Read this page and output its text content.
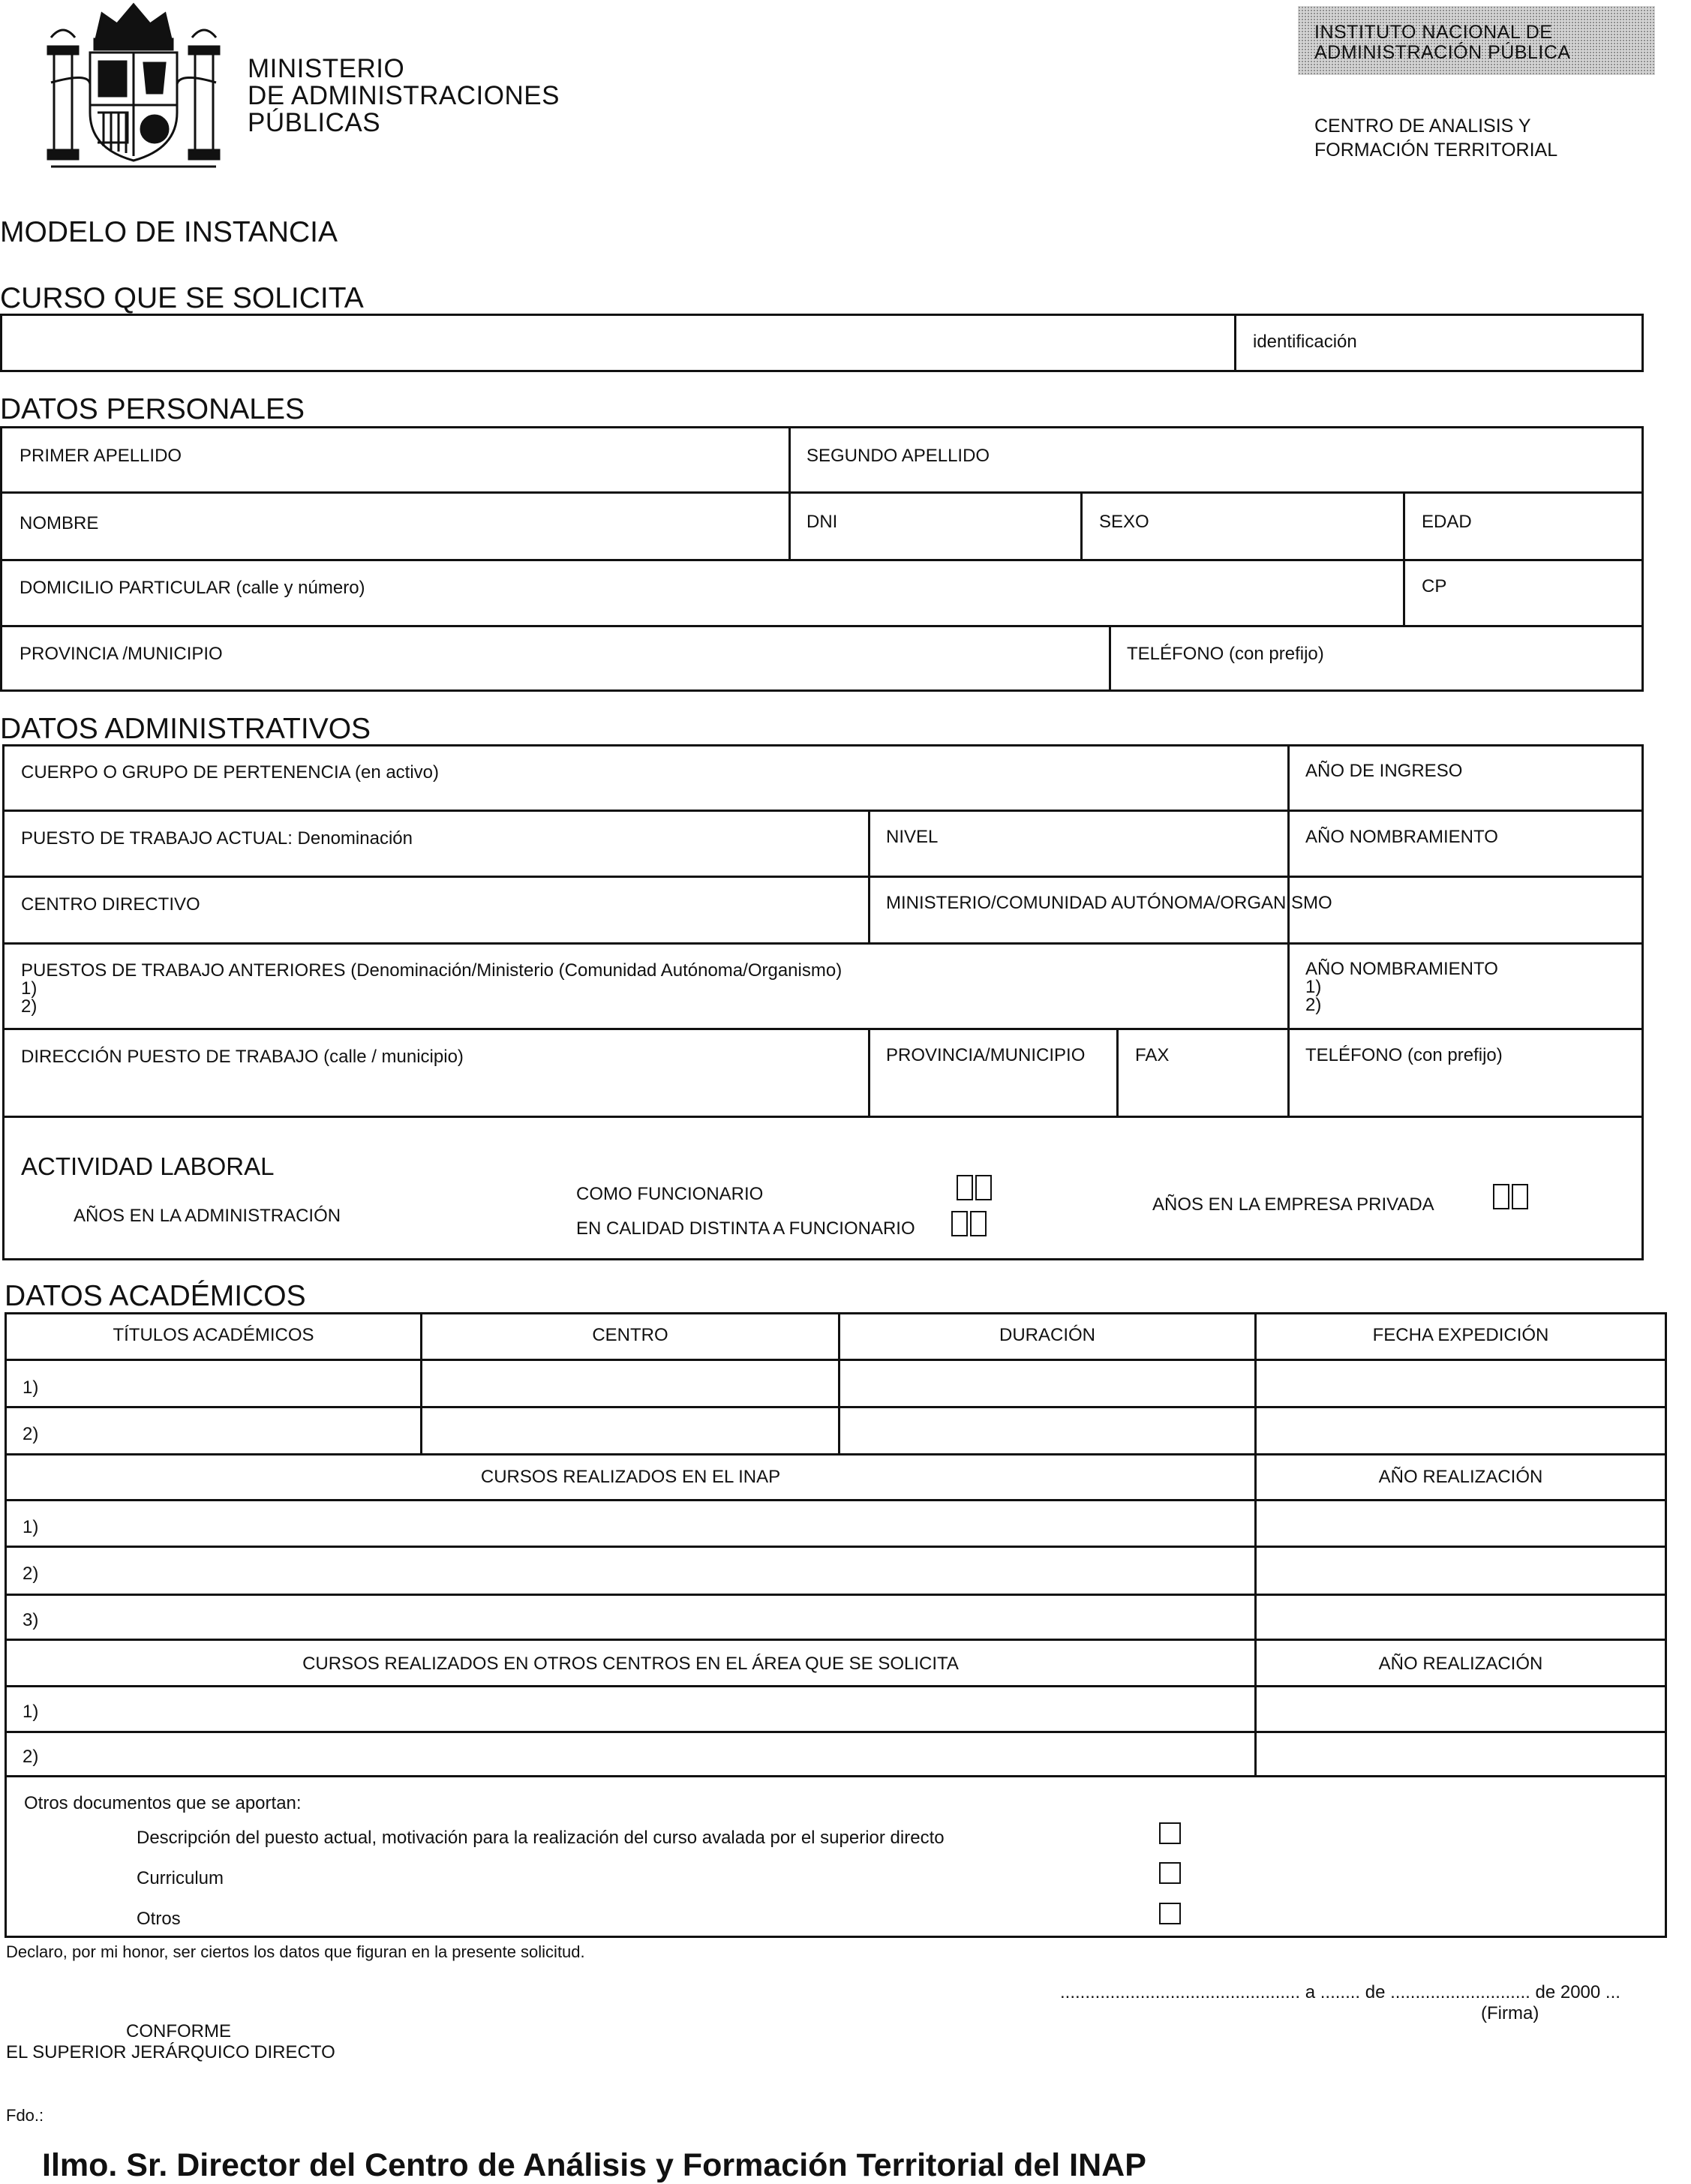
MINISTERIO
DE ADMINISTRACIONES
PÚBLICAS
INSTITUTO NACIONAL DE
ADMINISTRACIÓN PÚBLICA
CENTRO DE ANALISIS Y
FORMACIÓN TERRITORIAL
MODELO DE INSTANCIA
CURSO QUE SE SOLICITA
identificación
DATOS PERSONALES
PRIMER APELLIDO	SEGUNDO APELLIDO
NOMBRE	DNI	SEXO	EDAD
DOMICILIO PARTICULAR (calle y número)	CP
PROVINCIA /MUNICIPIO	TELÉFONO (con prefijo)
DATOS ADMINISTRATIVOS
CUERPO O GRUPO DE PERTENENCIA (en activo)	AÑO DE INGRESO
PUESTO DE TRABAJO ACTUAL: Denominación	NIVEL	AÑO NOMBRAMIENTO
CENTRO DIRECTIVO	MINISTERIO/COMUNIDAD AUTÓNOMA/ORGANISMO
PUESTOS DE TRABAJO ANTERIORES (Denominación/Ministerio (Comunidad Autónoma/Organismo)
1)
2)
AÑO NOMBRAMIENTO
1)
2)
DIRECCIÓN PUESTO DE TRABAJO (calle / municipio)	PROVINCIA/MUNICIPIO	FAX	TELÉFONO (con prefijo)
ACTIVIDAD LABORAL
AÑOS EN LA ADMINISTRACIÓN
COMO FUNCIONARIO
EN CALIDAD DISTINTA A FUNCIONARIO
AÑOS EN LA EMPRESA PRIVADA
DATOS ACADÉMICOS
TÍTULOS ACADÉMICOS	CENTRO	DURACIÓN	FECHA EXPEDICIÓN
1)
2)
CURSOS REALIZADOS EN EL INAP	AÑO REALIZACIÓN
1)
2)
3)
CURSOS REALIZADOS EN OTROS CENTROS EN EL ÁREA QUE SE SOLICITA	AÑO REALIZACIÓN
1)
2)
Otros documentos que se aportan:
Descripción del puesto actual, motivación para la realización del curso avalada por el superior directo
Curriculum
Otros
Declaro, por mi honor, ser ciertos los datos que figuran en la presente solicitud.
................................................ a ........ de ............................ de 2000 ...
(Firma)
CONFORME
EL SUPERIOR JERÁRQUICO DIRECTO
Fdo.:
Ilmo. Sr. Director del Centro de Análisis y Formación Territorial del INAP
